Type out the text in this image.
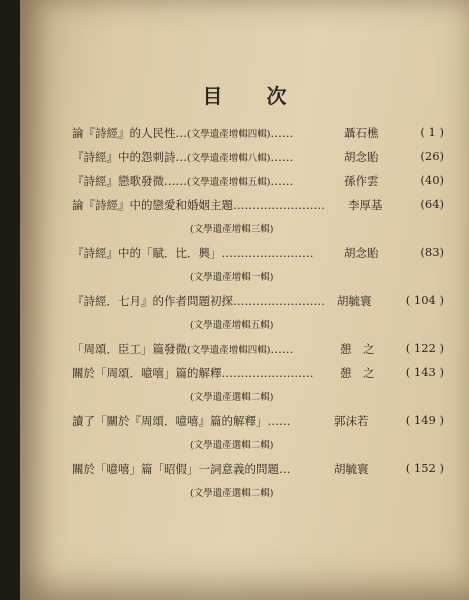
目次
論『詩經』的人民性…(文學遺產增輯四輯)……	聶石樵	( 1 )
『詩經』中的怨刺詩…(文學遺產增輯八輯)……	胡念貽	(26)
『詩經』戀歌發微……(文學遺產增輯五輯)……	孫作雲	(40)
論『詩經』中的戀愛和婚姻主題…………………… 李厚基	(64)
(文學遺產增輯三輯)
『詩經』中的「賦．比．興」……………………	胡念貽	(83)
(文學遺產增輯一輯)
『詩經．七月』的作者問題初探…………………… 胡毓寰	( 104 )
(文學遺產增輯五輯)
「周頌．臣工」篇發微(文學遺產增輯四輯)……	憩　之	( 122 )
關於「周頌．噫嘻」篇的解釋…………………… 憩　之	( 143 )
(文學遺產選輯二輯)
讀了「關於『周頌．噫嘻』篇的解釋」……	郭沫若	( 149 )
(文學遺產選輯二輯)
關於「噫嘻」篇「昭假」一詞意義的問題…	胡毓寰	( 152 )
(文學遺產選輯二輯)
